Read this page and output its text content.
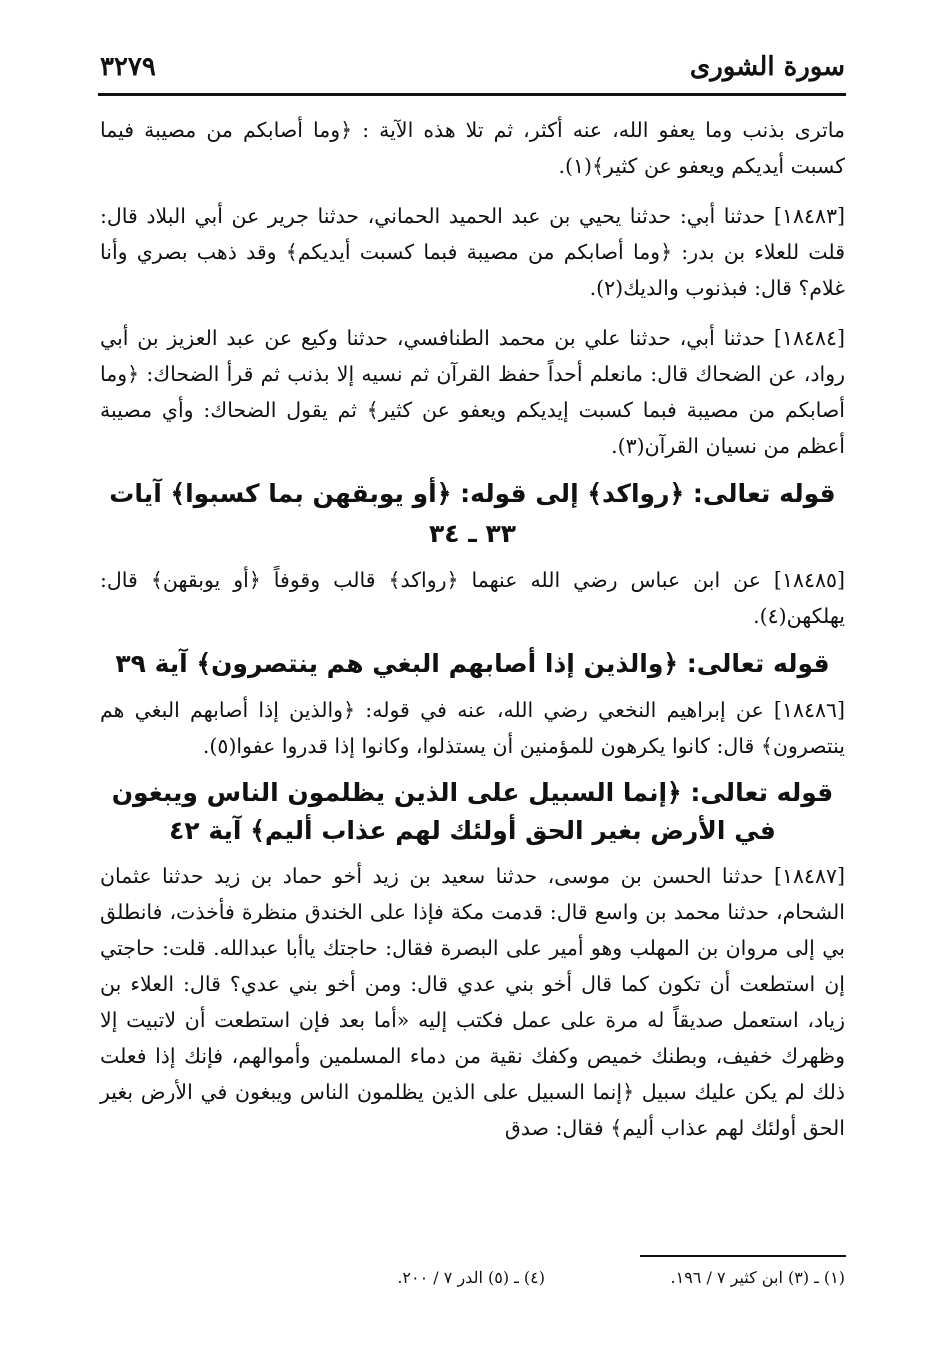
سورة الشورى
٣٢٧٩

ماترى بذنب وما يعفو الله، عنه أكثر، ثم تلا هذه الآية : ﴿وما أصابكم من مصيبة فيما كسبت أيديكم ويعفو عن كثير﴾(١).

[١٨٤٨٣] حدثنا أبي: حدثنا يحيي بن عبد الحميد الحماني، حدثنا جرير عن أبي البلاد قال: قلت للعلاء بن بدر: ﴿وما أصابكم من مصيبة فبما كسبت أيديكم﴾ وقد ذهب بصري وأنا غلام؟ قال: فبذنوب والديك(٢).

[١٨٤٨٤] حدثنا أبي، حدثنا علي بن محمد الطنافسي، حدثنا وكيع عن عبد العزيز بن أبي رواد، عن الضحاك قال: مانعلم أحداً حفظ القرآن ثم نسيه إلا بذنب ثم قرأ الضحاك: ﴿وما أصابكم من مصيبة فبما كسبت إيديكم ويعفو عن كثير﴾ ثم يقول الضحاك: وأي مصيبة أعظم من نسيان القرآن(٣).

قوله تعالى: ﴿رواكد﴾ إلى قوله: ﴿أو يوبقهن بما كسبوا﴾ آيات ٣٣ ـ ٣٤

[١٨٤٨٥] عن ابن عباس رضي الله عنهما ﴿رواكد﴾ قالب وقوفاً ﴿أو يوبقهن﴾ قال: يهلكهن(٤).

قوله تعالى: ﴿والذين إذا أصابهم البغي هم ينتصرون﴾ آية ٣٩

[١٨٤٨٦] عن إبراهيم النخعي رضي الله، عنه في قوله: ﴿والذين إذا أصابهم البغي هم ينتصرون﴾ قال: كانوا يكرهون للمؤمنين أن يستذلوا، وكانوا إذا قدروا عفوا(٥).

قوله تعالى: ﴿إنما السبيل على الذين يظلمون الناس ويبغون في الأرض بغير الحق أولئك لهم عذاب أليم﴾ آية ٤٢

[١٨٤٨٧] حدثنا الحسن بن موسى، حدثنا سعيد بن زيد أخو حماد بن زيد حدثنا عثمان الشحام، حدثنا محمد بن واسع قال: قدمت مكة فإذا على الخندق منظرة فأخذت، فانطلق بي إلى مروان بن المهلب وهو أمير على البصرة فقال: حاجتك ياأبا عبدالله. قلت: حاجتي إن استطعت أن تكون كما قال أخو بني عدي قال: ومن أخو بني عدي؟ قال: العلاء بن زياد، استعمل صديقاً له مرة على عمل فكتب إليه «أما بعد فإن استطعت أن لاتبيت إلا وظهرك خفيف، وبطنك خميص وكفك نقية من دماء المسلمين وأموالهم، فإنك إذا فعلت ذلك لم يكن عليك سبيل ﴿إنما السبيل على الذين يظلمون الناس ويبغون في الأرض بغير الحق أولئك لهم عذاب أليم﴾ فقال: صدق

(١) ـ (٣) ابن كثير ٧ / ١٩٦.
(٤) ـ (٥) الدر ٧ / ٢٠٠.
